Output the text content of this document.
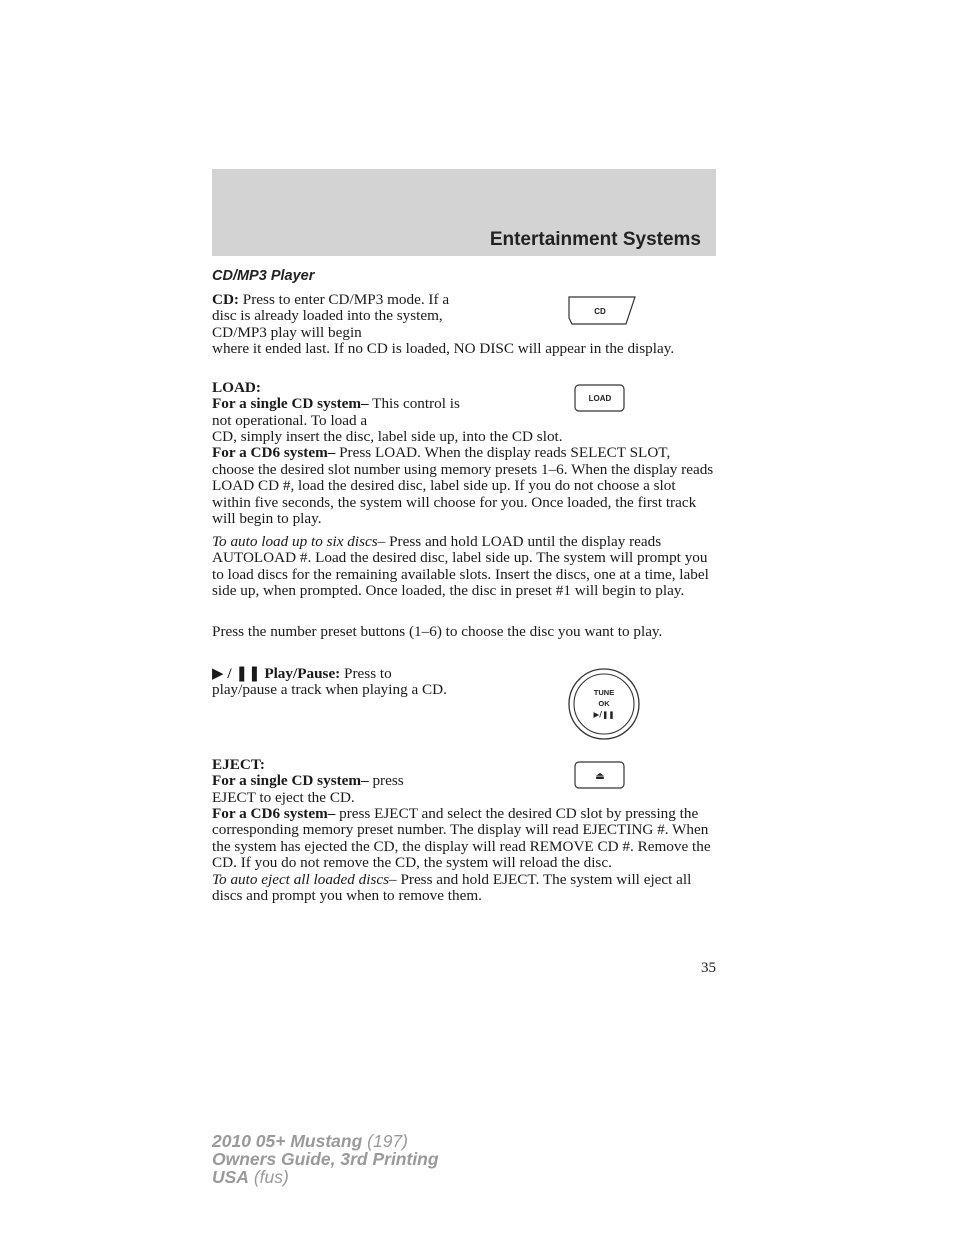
Entertainment Systems
CD/MP3 Player

CD: Press to enter CD/MP3 mode. If a disc is already loaded into the system, CD/MP3 play will begin

where it ended last. If no CD is loaded, NO DISC will appear in the display.

CD

LOAD:

For a single CD system– This control is not operational. To load a

CD, simply insert the disc, label side up, into the CD slot.

For a CD6 system– Press LOAD. When the display reads SELECT SLOT, choose the desired slot number using memory presets 1–6. When the display reads LOAD CD #, load the desired disc, label side up. If you do not choose a slot within five seconds, the system will choose for you. Once loaded, the first track will begin to play.

LOAD

To auto load up to six discs– Press and hold LOAD until the display reads AUTOLOAD #. Load the desired disc, label side up. The system will prompt you to load discs for the remaining available slots. Insert the discs, one at a time, label side up, when prompted. Once loaded, the disc in preset #1 will begin to play.

Press the number preset buttons (1–6) to choose the disc you want to play.

▶ / ❚❚ Play/Pause: Press to play/pause a track when playing a CD.	TUNE
OK
▶/❚❚

EJECT:

For a single CD system– press

EJECT to eject the CD.

For a CD6 system– press EJECT and select the desired CD slot by pressing the corresponding memory preset number. The display will read EJECTING #. When the system has ejected the CD, the display will read REMOVE CD #. Remove the CD. If you do not remove the CD, the system will reload the disc.

To auto eject all loaded discs– Press and hold EJECT. The system will eject all discs and prompt you when to remove them.

⏏
35
2010 05+ Mustang (197)
Owners Guide, 3rd Printing
USA (fus)
